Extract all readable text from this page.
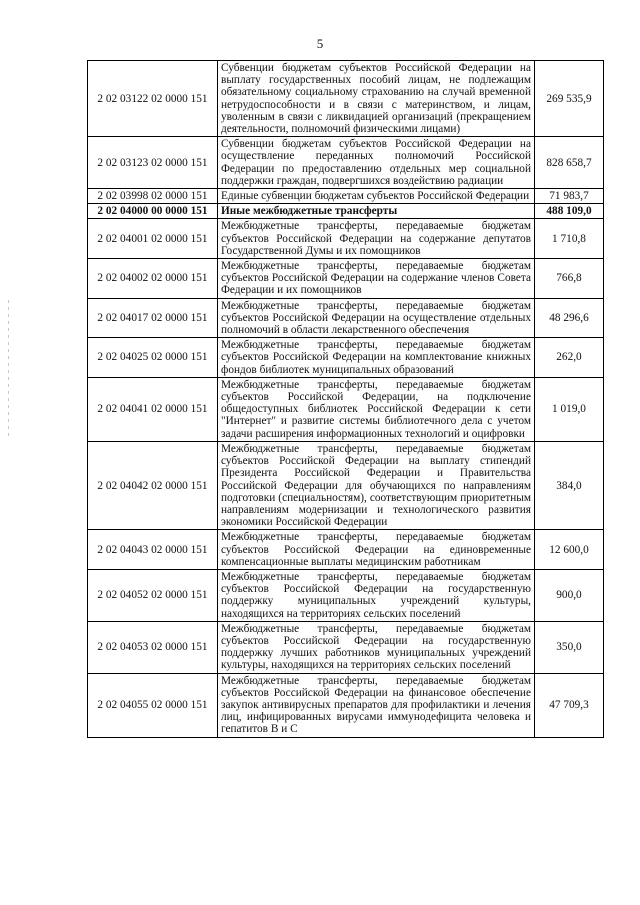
5
2 02 03122 02 0000 151	Субвенции бюджетам субъектов Российской Федерации на выплату государственных пособий лицам, не подлежащим обязательному социальному страхованию на случай временной нетрудоспособности и в связи с материнством, и лицам, уволенным в связи с ликвидацией организаций (прекращением деятельности, полномочий физическими лицами)	269 535,9
2 02 03123 02 0000 151	Субвенции бюджетам субъектов Российской Федерации на осуществление переданных полномочий Российской Федерации по предоставлению отдельных мер социальной поддержки граждан, подвергшихся воздействию радиации	828 658,7
2 02 03998 02 0000 151	Единые субвенции бюджетам субъектов Российской Федерации	71 983,7
2 02 04000 00 0000 151	Иные межбюджетные трансферты	488 109,0
2 02 04001 02 0000 151	Межбюджетные трансферты, передаваемые бюджетам субъектов Российской Федерации на содержание депутатов Государственной Думы и их помощников	1 710,8
2 02 04002 02 0000 151	Межбюджетные трансферты, передаваемые бюджетам субъектов Российской Федерации на содержание членов Совета Федерации и их помощников	766,8
2 02 04017 02 0000 151	Межбюджетные трансферты, передаваемые бюджетам субъектов Российской Федерации на осуществление отдельных полномочий в области лекарственного обеспечения	48 296,6
2 02 04025 02 0000 151	Межбюджетные трансферты, передаваемые бюджетам субъектов Российской Федерации на комплектование книжных фондов библиотек муниципальных образований	262,0
2 02 04041 02 0000 151	Межбюджетные трансферты, передаваемые бюджетам субъектов Российской Федерации, на подключение общедоступных библиотек Российской Федерации к сети "Интернет" и развитие системы библиотечного дела с учетом задачи расширения информационных технологий и оцифровки	1 019,0
2 02 04042 02 0000 151	Межбюджетные трансферты, передаваемые бюджетам субъектов Российской Федерации на выплату стипендий Президента Российской Федерации и Правительства Российской Федерации для обучающихся по направлениям подготовки (специальностям), соответствующим приоритетным направлениям модернизации и технологического развития экономики Российской Федерации	384,0
2 02 04043 02 0000 151	Межбюджетные трансферты, передаваемые бюджетам субъектов Российской Федерации на единовременные компенсационные выплаты медицинским работникам	12 600,0
2 02 04052 02 0000 151	Межбюджетные трансферты, передаваемые бюджетам субъектов Российской Федерации на государственную поддержку муниципальных учреждений культуры, находящихся на территориях сельских поселений	900,0
2 02 04053 02 0000 151	Межбюджетные трансферты, передаваемые бюджетам субъектов Российской Федерации на государственную поддержку лучших работников муниципальных учреждений культуры, находящихся на территориях сельских поселений	350,0
2 02 04055 02 0000 151	Межбюджетные трансферты, передаваемые бюджетам субъектов Российской Федерации на финансовое обеспечение закупок антивирусных препаратов для профилактики и лечения лиц, инфицированных вирусами иммунодефицита человека и гепатитов В и С	47 709,3
